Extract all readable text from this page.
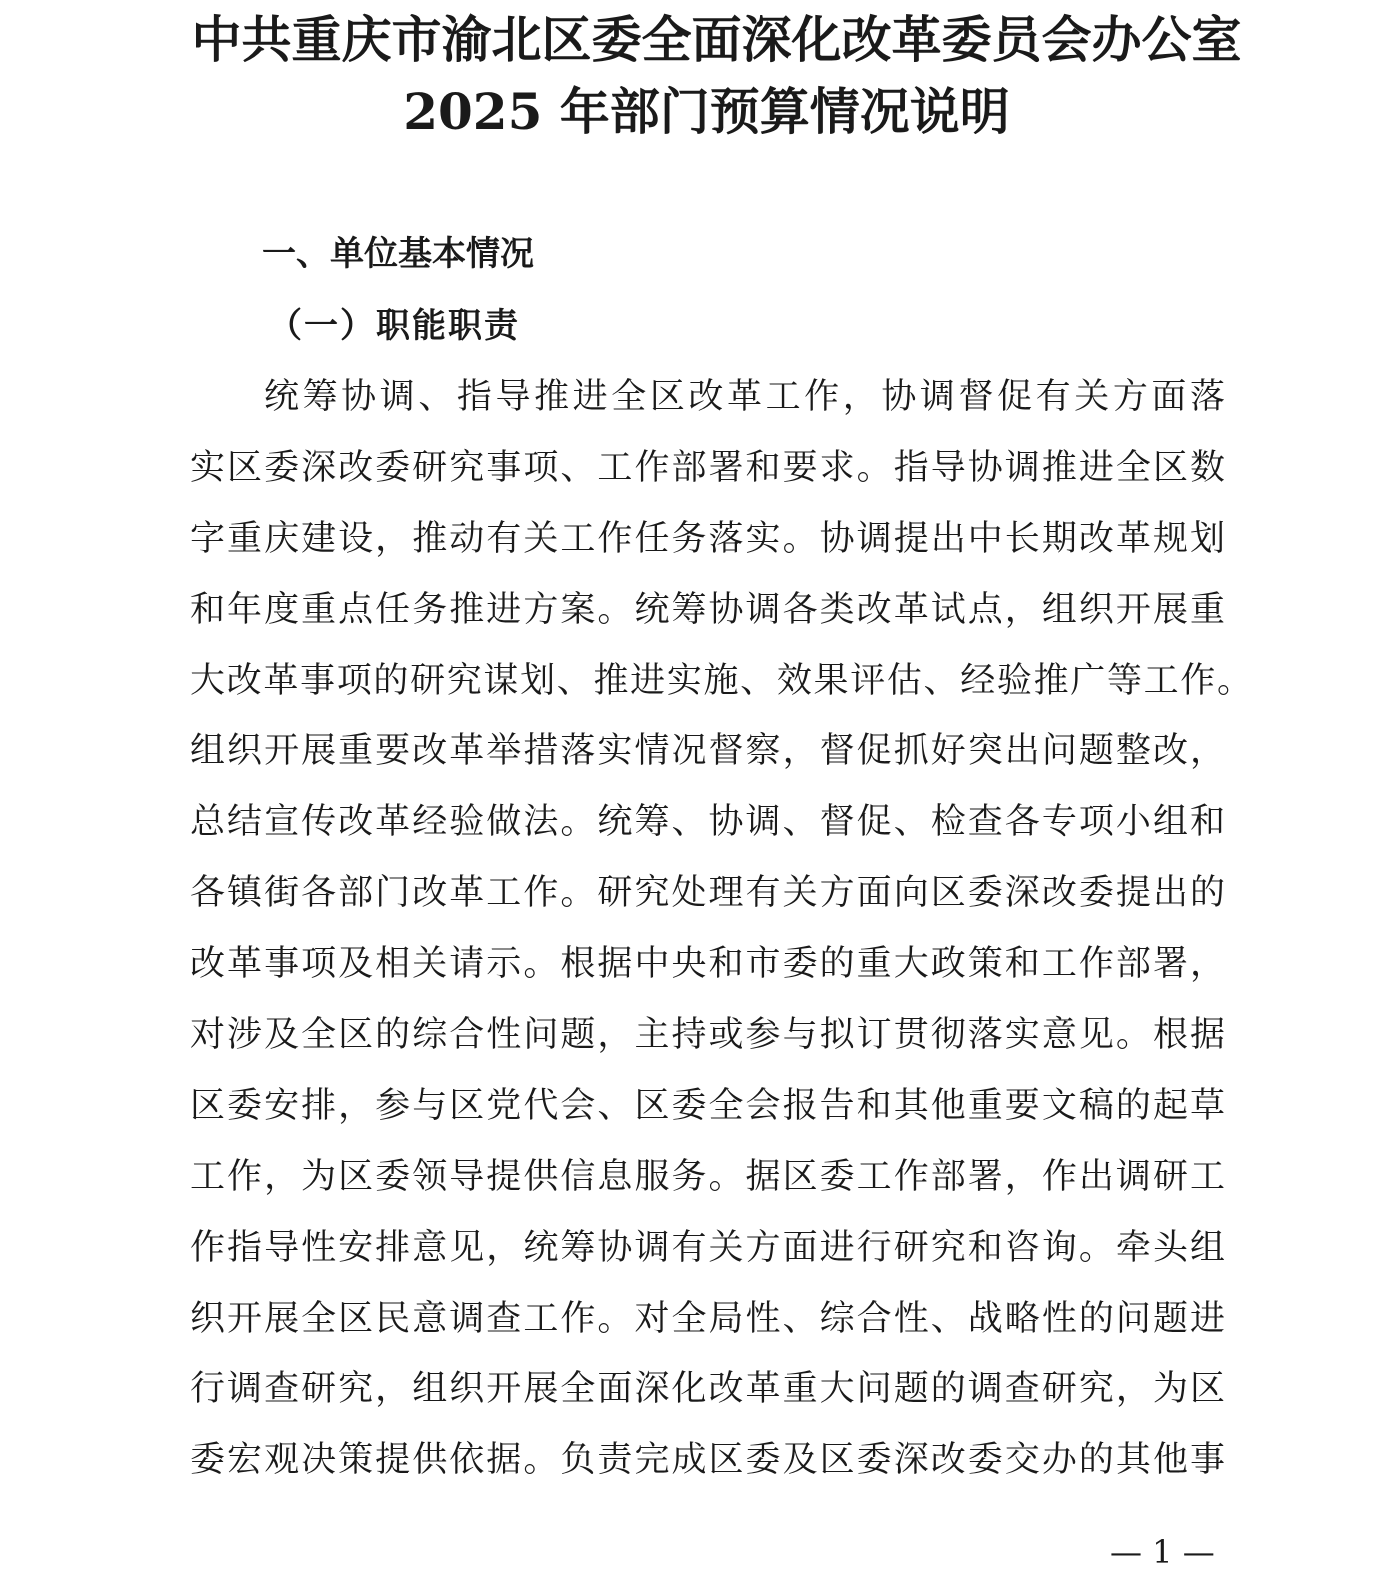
中共重庆市渝北区委全面深化改革委员会办公室
2025 年部门预算情况说明
一、单位基本情况
（一）职能职责
统筹协调、指导推进全区改革工作，协调督促有关方面落
实区委深改委研究事项、工作部署和要求。指导协调推进全区数
字重庆建设，推动有关工作任务落实。协调提出中长期改革规划
和年度重点任务推进方案。统筹协调各类改革试点，组织开展重
大改革事项的研究谋划、推进实施、效果评估、经验推广等工作。
组织开展重要改革举措落实情况督察，督促抓好突出问题整改，
总结宣传改革经验做法。统筹、协调、督促、检查各专项小组和
各镇街各部门改革工作。研究处理有关方面向区委深改委提出的
改革事项及相关请示。根据中央和市委的重大政策和工作部署，
对涉及全区的综合性问题，主持或参与拟订贯彻落实意见。根据
区委安排，参与区党代会、区委全会报告和其他重要文稿的起草
工作，为区委领导提供信息服务。据区委工作部署，作出调研工
作指导性安排意见，统筹协调有关方面进行研究和咨询。牵头组
织开展全区民意调查工作。对全局性、综合性、战略性的问题进
行调查研究，组织开展全面深化改革重大问题的调查研究，为区
委宏观决策提供依据。负责完成区委及区委深改委交办的其他事
— 1 —
